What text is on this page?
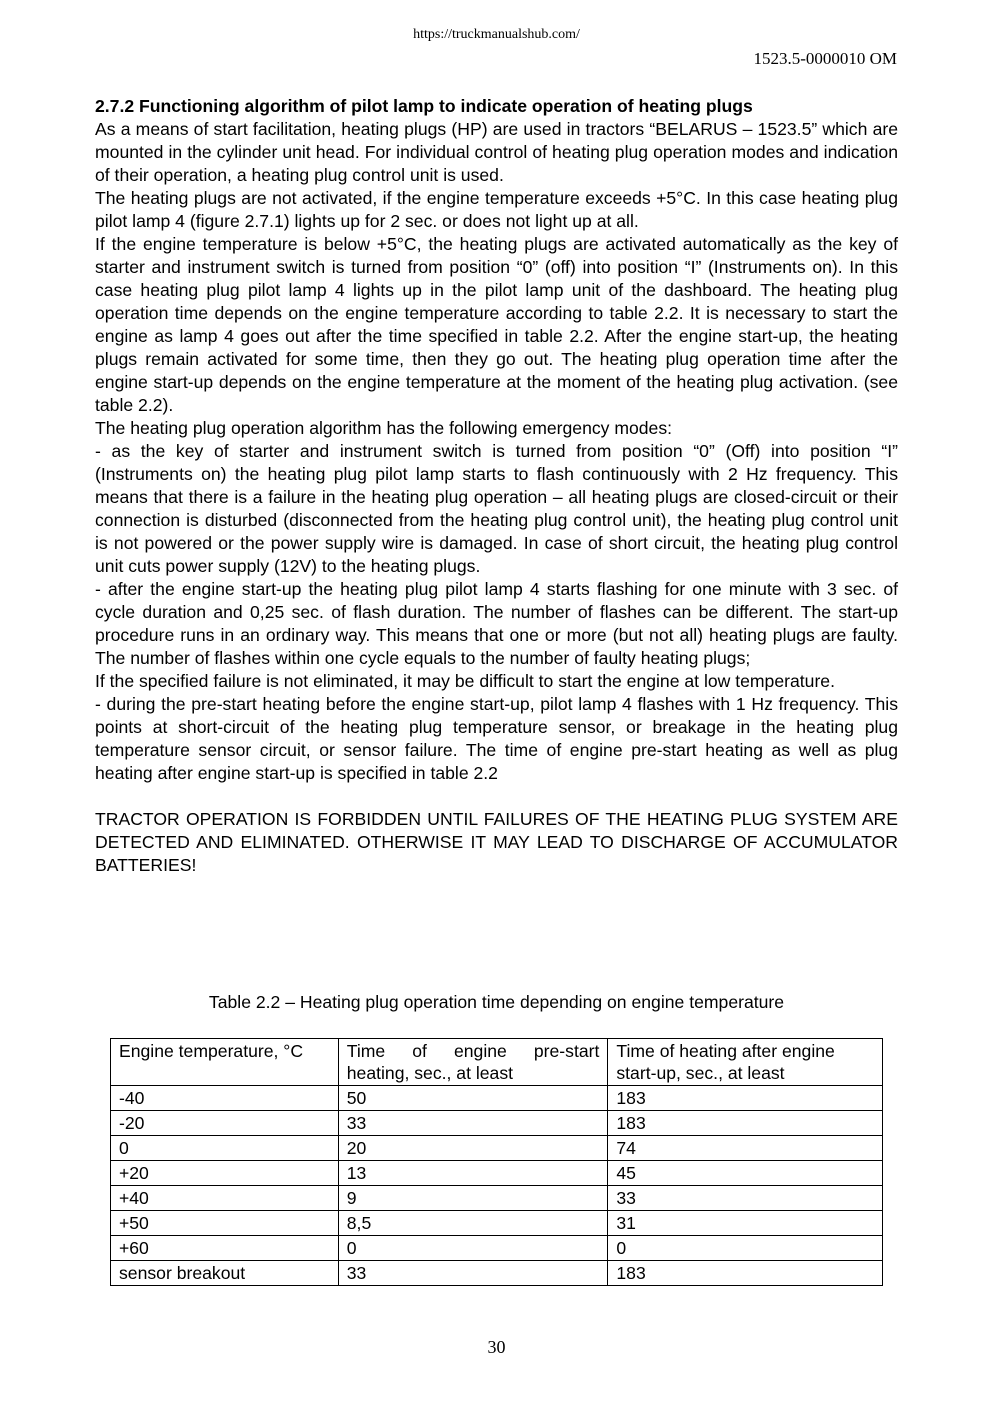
https://truckmanualshub.com/
1523.5-0000010 OM
2.7.2 Functioning algorithm of pilot lamp to indicate operation of heating plugs

As a means of start facilitation, heating plugs (HP) are used in tractors “BELARUS – 1523.5” which are mounted in the cylinder unit head. For individual control of heating plug operation modes and indication of their operation, a heating plug control unit is used.

The heating plugs are not activated, if the engine temperature exceeds +5°C. In this case heating plug pilot lamp 4 (figure 2.7.1) lights up for 2 sec. or does not light up at all.

If the engine temperature is below +5°C, the heating plugs are activated automatically as the key of starter and instrument switch is turned from position “0” (off) into position “I” (Instruments on). In this case heating plug pilot lamp 4 lights up in the pilot lamp unit of the dashboard. The heating plug operation time depends on the engine temperature according to table 2.2. It is necessary to start the engine as lamp 4 goes out after the time specified in table 2.2. After the engine start-up, the heating plugs remain activated for some time, then they go out. The heating plug operation time after the engine start-up depends on the engine temperature at the moment of the heating plug activation. (see table 2.2).

The heating plug operation algorithm has the following emergency modes:

- as the key of starter and instrument switch is turned from position “0” (Off) into position “I” (Instruments on) the heating plug pilot lamp starts to flash continuously with 2 Hz frequency. This means that there is a failure in the heating plug operation – all heating plugs are closed-circuit or their connection is disturbed (disconnected from the heating plug control unit), the heating plug control unit is not powered or the power supply wire is damaged. In case of short circuit, the heating plug control unit cuts power supply (12V) to the heating plugs.

- after the engine start-up the heating plug pilot lamp 4 starts flashing for one minute with 3 sec. of cycle duration and 0,25 sec. of flash duration. The number of flashes can be different. The start-up procedure runs in an ordinary way. This means that one or more (but not all) heating plugs are faulty. The number of flashes within one cycle equals to the number of faulty heating plugs;

If the specified failure is not eliminated, it may be difficult to start the engine at low temperature.

- during the pre-start heating before the engine start-up, pilot lamp 4 flashes with 1 Hz frequency. This points at short-circuit of the heating plug temperature sensor, or breakage in the heating plug temperature sensor circuit, or sensor failure. The time of engine pre-start heating as well as plug heating after engine start-up is specified in table 2.2

TRACTOR OPERATION IS FORBIDDEN UNTIL FAILURES OF THE HEATING PLUG SYSTEM ARE DETECTED AND ELIMINATED. OTHERWISE IT MAY LEAD TO DISCHARGE OF ACCUMULATOR BATTERIES!

Table 2.2 – Heating plug operation time depending on engine temperature
Engine temperature, °C	Time of engine pre-start heating, sec., at least	Time of heating after engine start-up, sec., at least
-40	50	183
-20	33	183
0	20	74
+20	13	45
+40	9	33
+50	8,5	31
+60	0	0
sensor breakout	33	183
30
